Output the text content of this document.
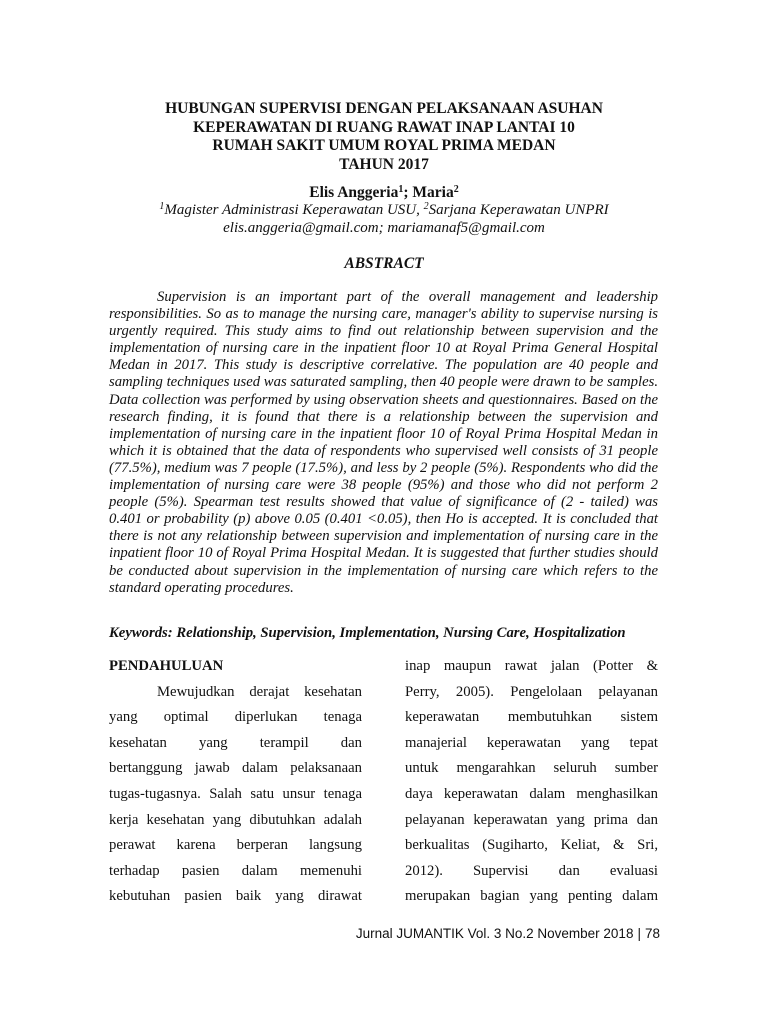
HUBUNGAN SUPERVISI DENGAN PELAKSANAAN ASUHAN
KEPERAWATAN DI RUANG RAWAT INAP LANTAI 10
RUMAH SAKIT UMUM ROYAL PRIMA MEDAN
TAHUN 2017
Elis Anggeria$^1$; Maria$^2$
$^1$Magister Administrasi Keperawatan USU, $^2$Sarjana Keperawatan UNPRI
elis.anggeria@gmail.com; mariamanaf5@gmail.com
ABSTRACT
Supervision is an important part of the overall management and leadership responsibilities. So as to manage the nursing care, manager's ability to supervise nursing is urgently required. This study aims to find out relationship between supervision and the implementation of nursing care in the inpatient floor 10 at Royal Prima General Hospital Medan in 2017. This study is descriptive correlative. The population are 40 people and sampling techniques used was saturated sampling, then 40 people were drawn to be samples. Data collection was performed by using observation sheets and questionnaires. Based on the research finding, it is found that there is a relationship between the supervision and implementation of nursing care in the inpatient floor 10 of Royal Prima Hospital Medan in which it is obtained that the data of respondents who supervised well consists of 31 people (77.5%), medium was 7 people (17.5%), and less by 2 people (5%). Respondents who did the implementation of nursing care were 38 people (95%) and those who did not perform 2 people (5%). Spearman test results showed that value of significance of (2 - tailed) was 0.401 or probability (p) above 0.05 (0.401 <0.05), then Ho is accepted. It is concluded that there is not any relationship between supervision and implementation of nursing care in the inpatient floor 10 of Royal Prima Hospital Medan. It is suggested that further studies should be conducted about supervision in the implementation of nursing care which refers to the standard operating procedures.
Keywords: Relationship, Supervision, Implementation, Nursing Care, Hospitalization
PENDAHULUAN
Mewujudkan derajat kesehatan
yang optimal diperlukan tenaga
kesehatan yang terampil dan
bertanggung jawab dalam pelaksanaan
tugas-tugasnya. Salah satu unsur tenaga
kerja kesehatan yang dibutuhkan adalah
perawat karena berperan langsung
terhadap pasien dalam memenuhi
kebutuhan pasien baik yang dirawat
inap maupun rawat jalan (Potter &
Perry, 2005). Pengelolaan pelayanan
keperawatan membutuhkan sistem
manajerial keperawatan yang tepat
untuk mengarahkan seluruh sumber
daya keperawatan dalam menghasilkan
pelayanan keperawatan yang prima dan
berkualitas (Sugiharto, Keliat, & Sri,
2012). Supervisi dan evaluasi
merupakan bagian yang penting dalam
Jurnal JUMANTIK Vol. 3 No.2 November 2018 | 78
